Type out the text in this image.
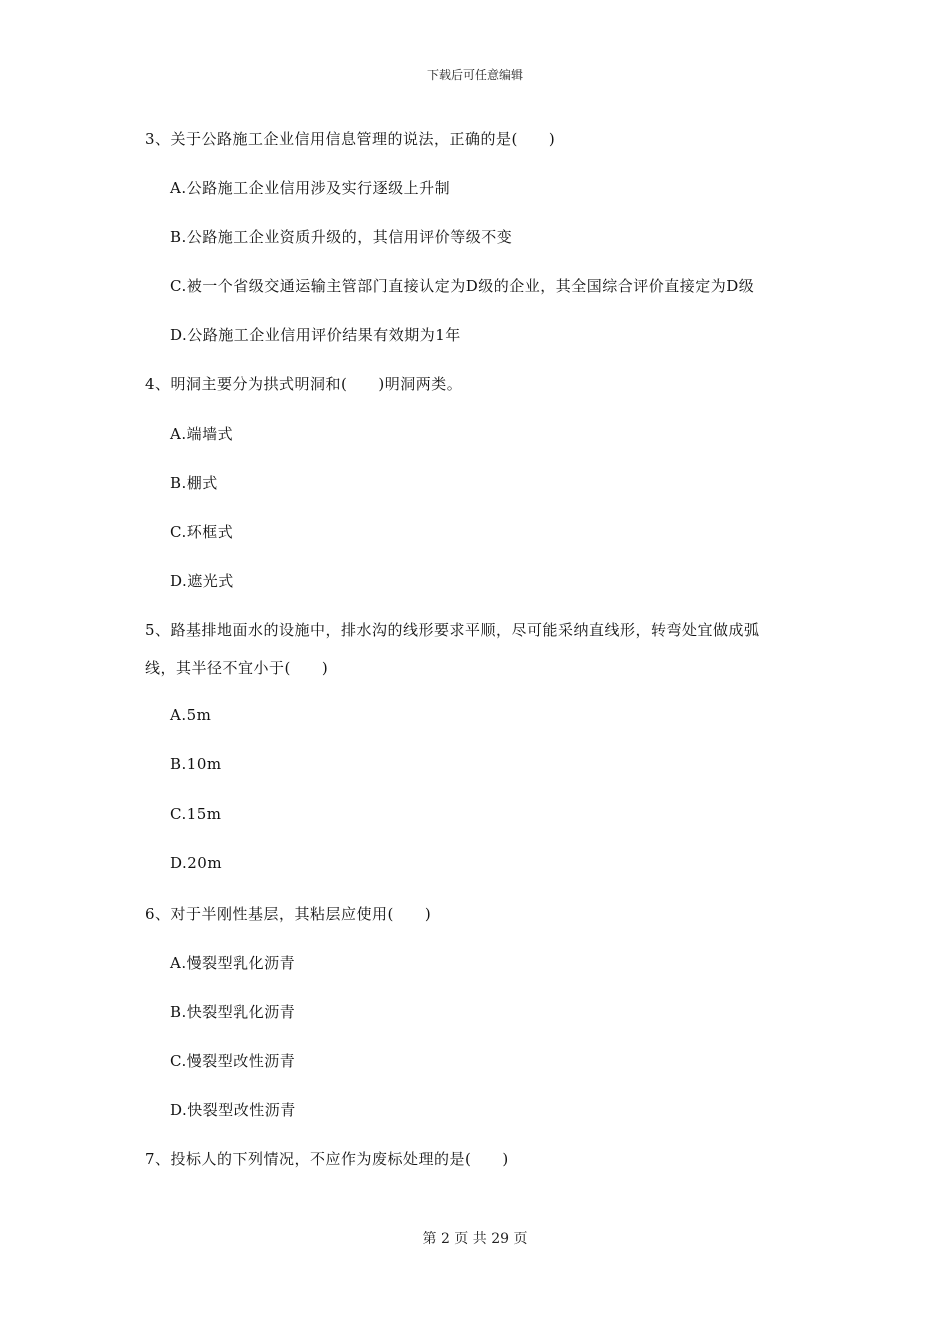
下载后可任意编辑
3、关于公路施工企业信用信息管理的说法，正确的是(　　)
A.公路施工企业信用涉及实行逐级上升制
B.公路施工企业资质升级的，其信用评价等级不变
C.被一个省级交通运输主管部门直接认定为D级的企业，其全国综合评价直接定为D级
D.公路施工企业信用评价结果有效期为1年
4、明洞主要分为拱式明洞和(　　)明洞两类。
A.端墙式
B.棚式
C.环框式
D.遮光式
5、路基排地面水的设施中，排水沟的线形要求平顺，尽可能采纳直线形，转弯处宜做成弧
线，其半径不宜小于(　　)
A.5m
B.10m
C.15m
D.20m
6、对于半刚性基层，其粘层应使用(　　)
A.慢裂型乳化沥青
B.快裂型乳化沥青
C.慢裂型改性沥青
D.快裂型改性沥青
7、投标人的下列情况，不应作为废标处理的是(　　)
第 2 页 共 29 页
